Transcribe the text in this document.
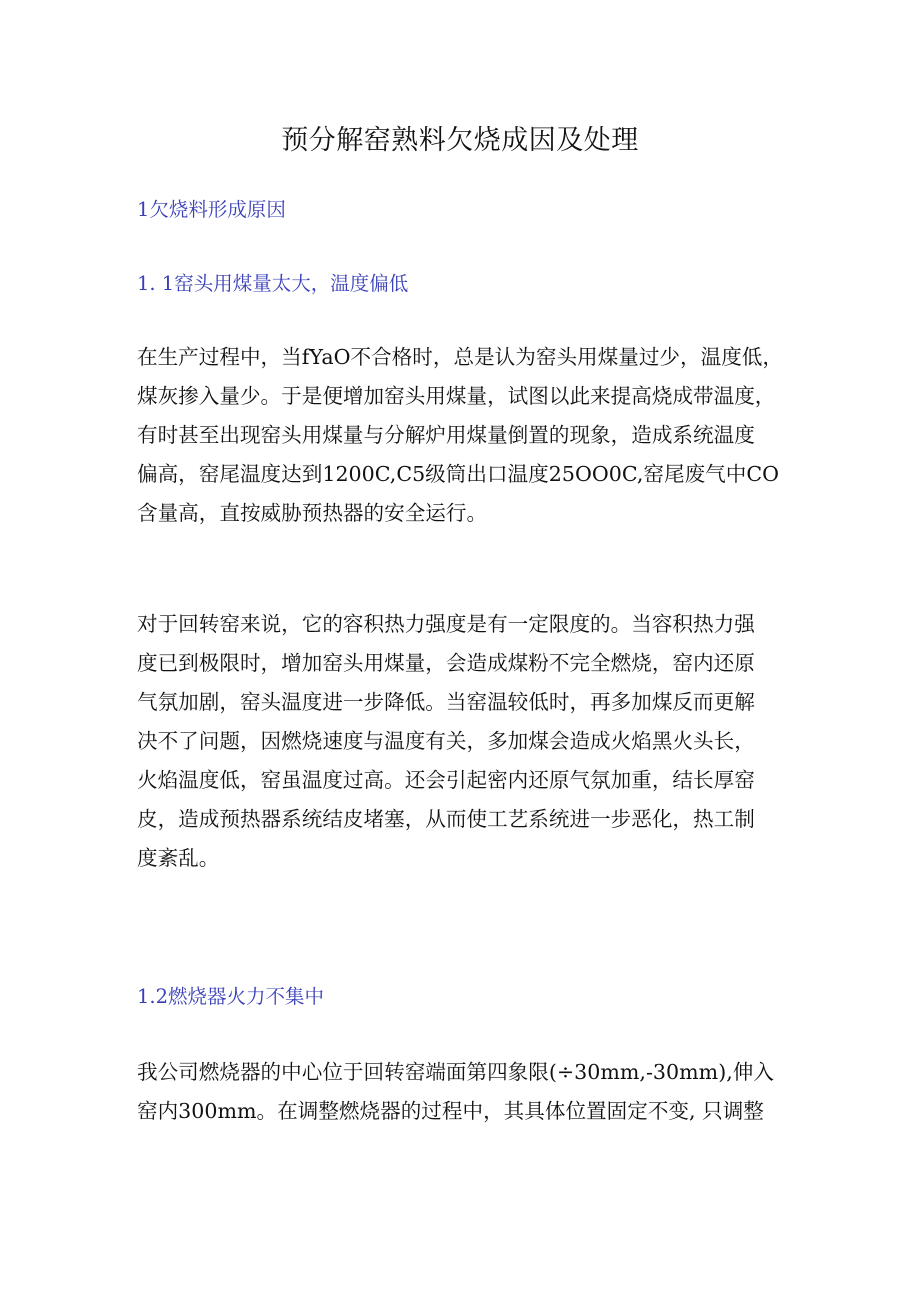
预分解窑熟料欠烧成因及处理
1欠烧料形成原因
1. 1窑头用煤量太大，温度偏低

在生产过程中，当fYaO不合格时，总是认为窑头用煤量过少，温度低，
煤灰掺入量少。于是便增加窑头用煤量，试图以此来提高烧成带温度，
有时甚至出现窑头用煤量与分解炉用煤量倒置的现象，造成系统温度
偏高，窑尾温度达到1200C,C5级筒出口温度25OO0C,窑尾废气中CO
含量高，直按威胁预热器的安全运行。

对于回转窑来说，它的容积热力强度是有一定限度的。当容积热力强
度已到极限时，增加窑头用煤量，会造成煤粉不完全燃烧，窑内还原
气氛加剧，窑头温度进一步降低。当窑温较低时，再多加煤反而更解
决不了问题，因燃烧速度与温度有关，多加煤会造成火焰黑火头长，
火焰温度低，窑虽温度过高。还会引起密内还原气氛加重，结长厚窑
皮，造成预热器系统结皮堵塞，从而使工艺系统进一步恶化，热工制
度紊乱。

1.2燃烧器火力不集中

我公司燃烧器的中心位于回转窑端面第四象限(÷30mm,-30mm),伸入
窑内300mm。在调整燃烧器的过程中，其具体位置固定不变, 只调整
